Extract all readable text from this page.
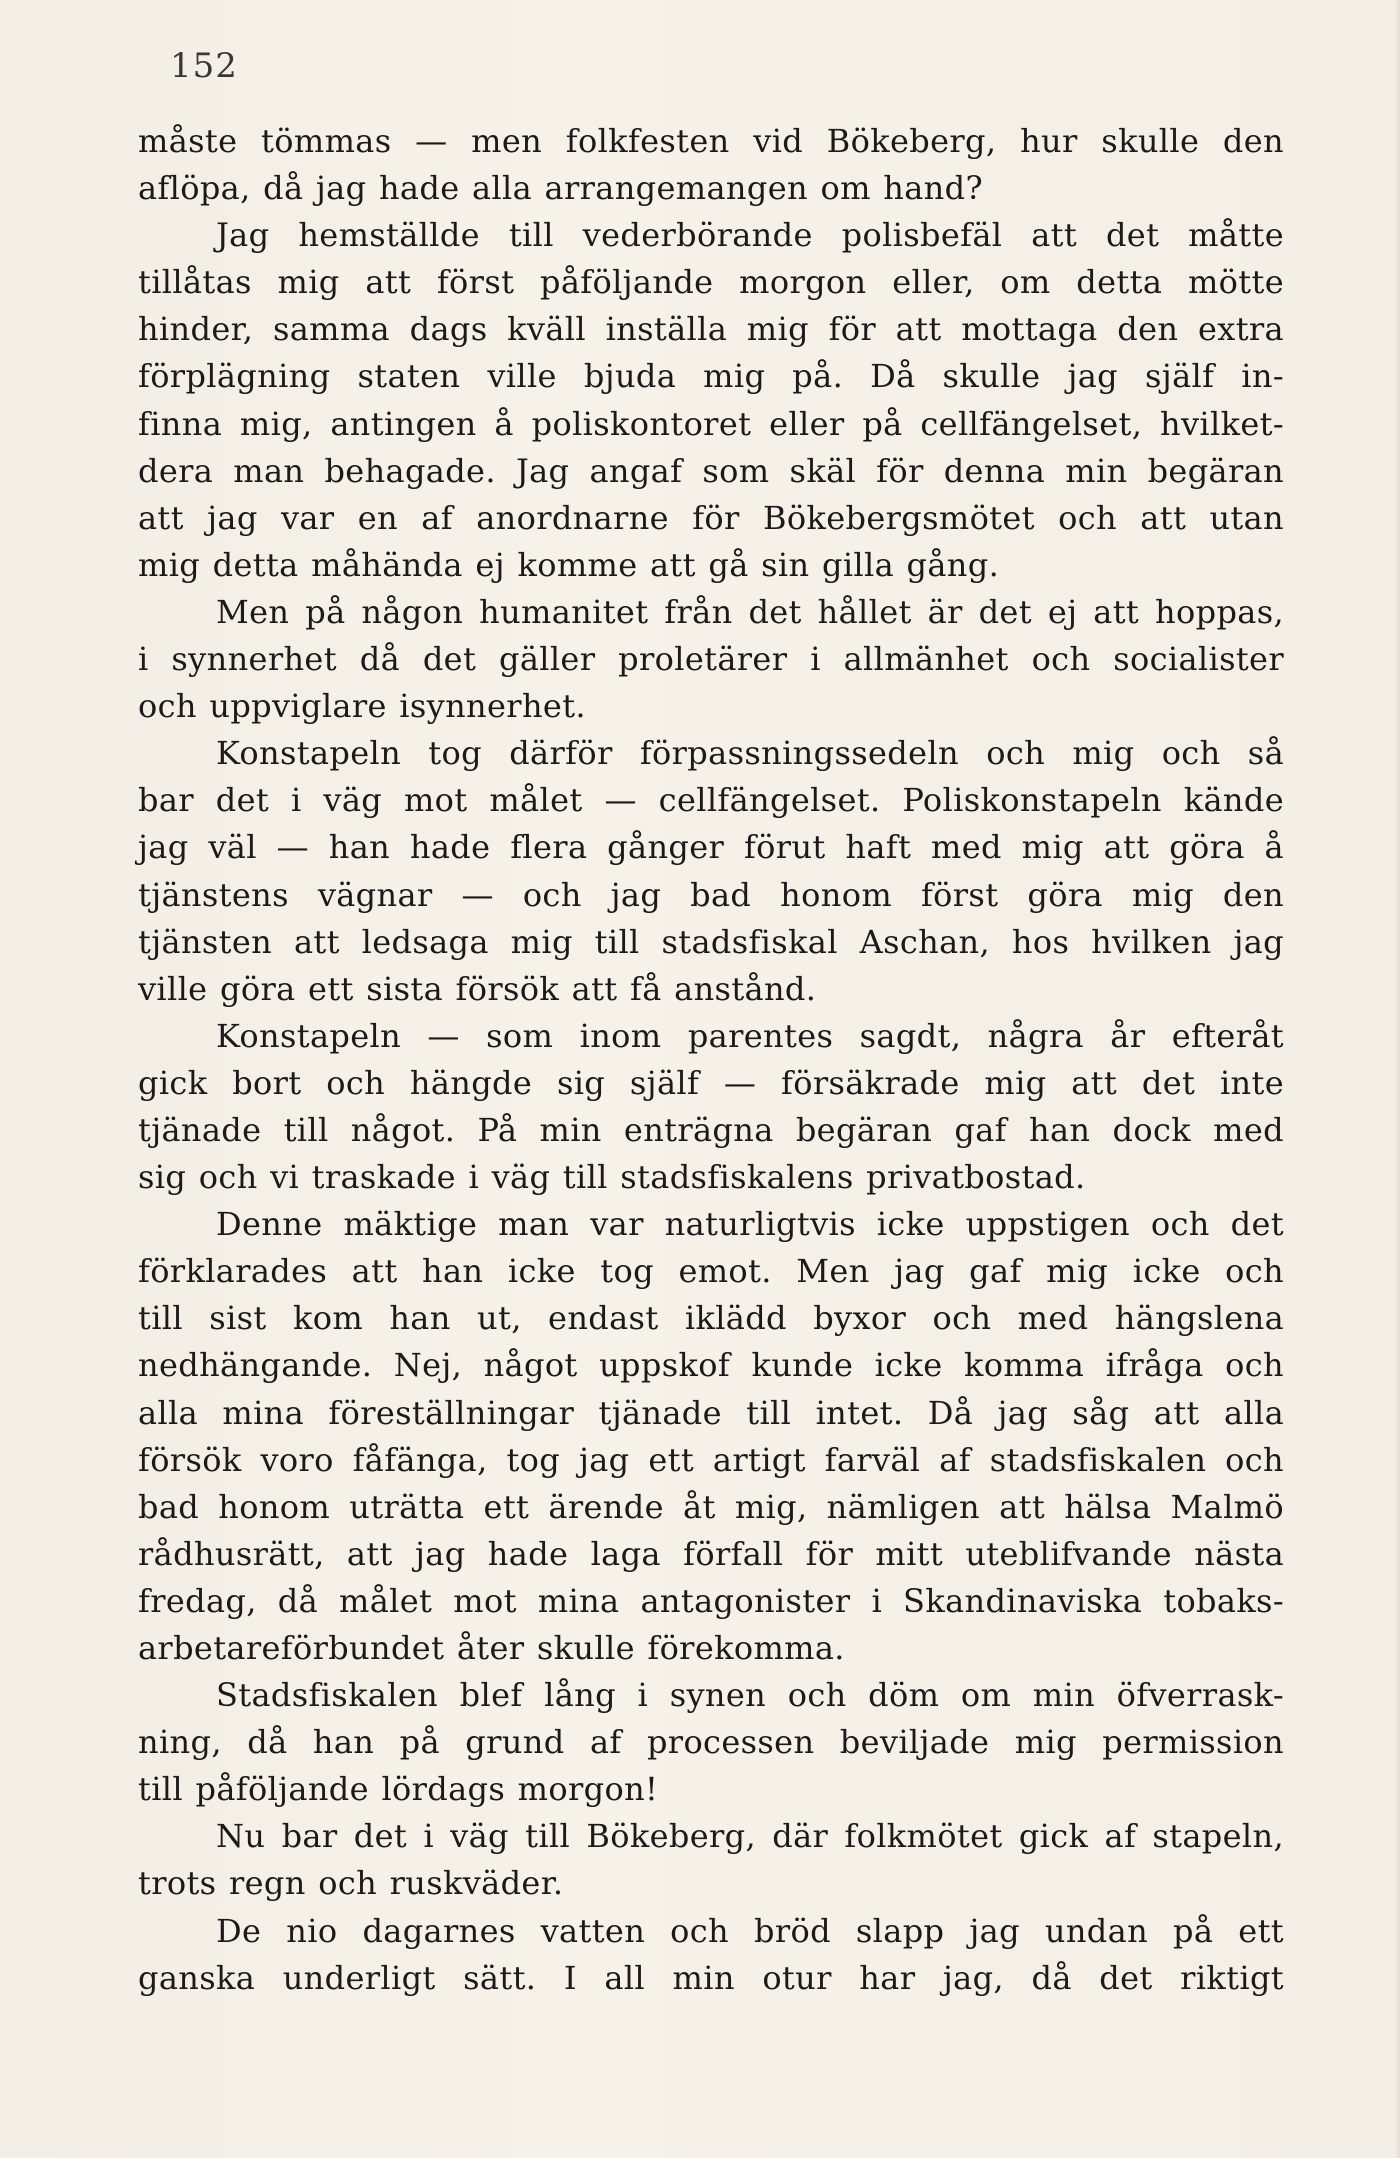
152
måste tömmas — men folkfesten vid Bökeberg, hur skulle den
aflöpa, då jag hade alla arrangemangen om hand?
Jag hemställde till vederbörande polisbefäl att det måtte
tillåtas mig att först påföljande morgon eller, om detta mötte
hinder, samma dags kväll inställa mig för att mottaga den extra
förplägning staten ville bjuda mig på. Då skulle jag själf in-
finna mig, antingen å poliskontoret eller på cellfängelset, hvilket-
dera man behagade. Jag angaf som skäl för denna min begäran
att jag var en af anordnarne för Bökebergsmötet och att utan
mig detta måhända ej komme att gå sin gilla gång.
Men på någon humanitet från det hållet är det ej att hoppas,
i synnerhet då det gäller proletärer i allmänhet och socialister
och uppviglare isynnerhet.
Konstapeln tog därför förpassningssedeln och mig och så
bar det i väg mot målet — cellfängelset. Poliskonstapeln kände
jag väl — han hade flera gånger förut haft med mig att göra å
tjänstens vägnar — och jag bad honom först göra mig den
tjänsten att ledsaga mig till stadsfiskal Aschan, hos hvilken jag
ville göra ett sista försök att få anstånd.
Konstapeln — som inom parentes sagdt, några år efteråt
gick bort och hängde sig själf — försäkrade mig att det inte
tjänade till något. På min enträgna begäran gaf han dock med
sig och vi traskade i väg till stadsfiskalens privatbostad.
Denne mäktige man var naturligtvis icke uppstigen och det
förklarades att han icke tog emot. Men jag gaf mig icke och
till sist kom han ut, endast iklädd byxor och med hängslena
nedhängande. Nej, något uppskof kunde icke komma ifråga och
alla mina föreställningar tjänade till intet. Då jag såg att alla
försök voro fåfänga, tog jag ett artigt farväl af stadsfiskalen och
bad honom uträtta ett ärende åt mig, nämligen att hälsa Malmö
rådhusrätt, att jag hade laga förfall för mitt uteblifvande nästa
fredag, då målet mot mina antagonister i Skandinaviska tobaks-
arbetareförbundet åter skulle förekomma.
Stadsfiskalen blef lång i synen och döm om min öfverrask-
ning, då han på grund af processen beviljade mig permission
till påföljande lördags morgon!
Nu bar det i väg till Bökeberg, där folkmötet gick af stapeln,
trots regn och ruskväder.
De nio dagarnes vatten och bröd slapp jag undan på ett
ganska underligt sätt. I all min otur har jag, då det riktigt
